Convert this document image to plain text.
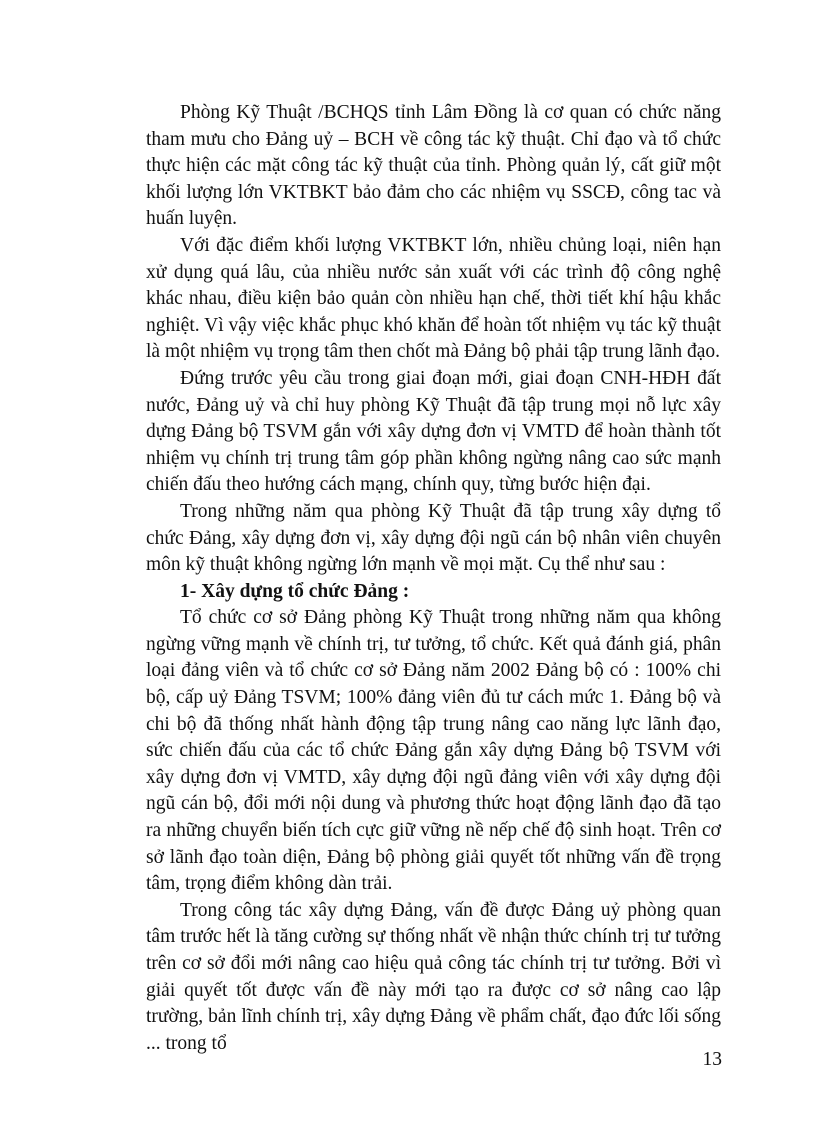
Phòng Kỹ Thuật /BCHQS tỉnh Lâm Đồng là cơ quan có chức năng tham mưu cho Đảng uỷ – BCH về công tác kỹ thuật. Chỉ đạo và tổ chức thực hiện các mặt công tác kỹ thuật của tỉnh. Phòng quản lý, cất giữ một khối lượng lớn VKTBKT bảo đảm cho các nhiệm vụ SSCĐ, công tac và huấn luyện.

Với đặc điểm khối lượng VKTBKT lớn, nhiều chủng loại, niên hạn xử dụng quá lâu, của nhiều nước sản xuất với các trình độ công nghệ khác nhau, điều kiện bảo quản còn nhiều hạn chế, thời tiết khí hậu khắc nghiệt. Vì vậy việc khắc phục khó khăn để hoàn tốt nhiệm vụ tác kỹ thuật là một nhiệm vụ trọng tâm then chốt mà Đảng bộ phải tập trung lãnh đạo.

Đứng trước yêu cầu trong giai đoạn mới, giai đoạn CNH-HĐH đất nước, Đảng uỷ và chỉ huy phòng Kỹ Thuật đã tập trung mọi nỗ lực xây dựng Đảng bộ TSVM gắn với xây dựng đơn vị VMTD để hoàn thành tốt nhiệm vụ chính trị trung tâm góp phần không ngừng nâng cao sức mạnh chiến đấu theo hướng cách mạng, chính quy, từng bước hiện đại.

Trong những năm qua phòng Kỹ Thuật đã tập trung xây dựng tổ chức Đảng, xây dựng đơn vị, xây dựng đội ngũ cán bộ nhân viên chuyên môn kỹ thuật không ngừng lớn mạnh về mọi mặt. Cụ thể như sau :

1- Xây dựng tổ chức Đảng :

Tổ chức cơ sở Đảng phòng Kỹ Thuật trong những năm qua không ngừng vững mạnh về chính trị, tư tưởng, tổ chức. Kết quả đánh giá, phân loại đảng viên và tổ chức cơ sở Đảng năm 2002 Đảng bộ có : 100% chi bộ, cấp uỷ Đảng TSVM; 100% đảng viên đủ tư cách mức 1. Đảng bộ và chi bộ đã thống nhất hành động tập trung nâng cao năng lực lãnh đạo, sức chiến đấu của các tổ chức Đảng gắn xây dựng Đảng bộ TSVM với xây dựng đơn vị VMTD, xây dựng đội ngũ đảng viên với xây dựng đội ngũ cán bộ, đổi mới nội dung và phương thức hoạt động lãnh đạo đã tạo ra những chuyển biến tích cực giữ vững nề nếp chế độ sinh hoạt. Trên cơ sở lãnh đạo toàn diện, Đảng bộ phòng giải quyết tốt những vấn đề trọng tâm, trọng điểm không dàn trải.

Trong công tác xây dựng Đảng, vấn đề được Đảng uỷ phòng quan tâm trước hết là tăng cường sự thống nhất về nhận thức chính trị tư tưởng trên cơ sở đổi mới nâng cao hiệu quả công tác chính trị tư tưởng. Bởi vì giải quyết tốt được vấn đề này mới tạo ra được cơ sở nâng cao lập trường, bản lĩnh chính trị, xây dựng Đảng về phẩm chất, đạo đức lối sống ... trong tổ

13
